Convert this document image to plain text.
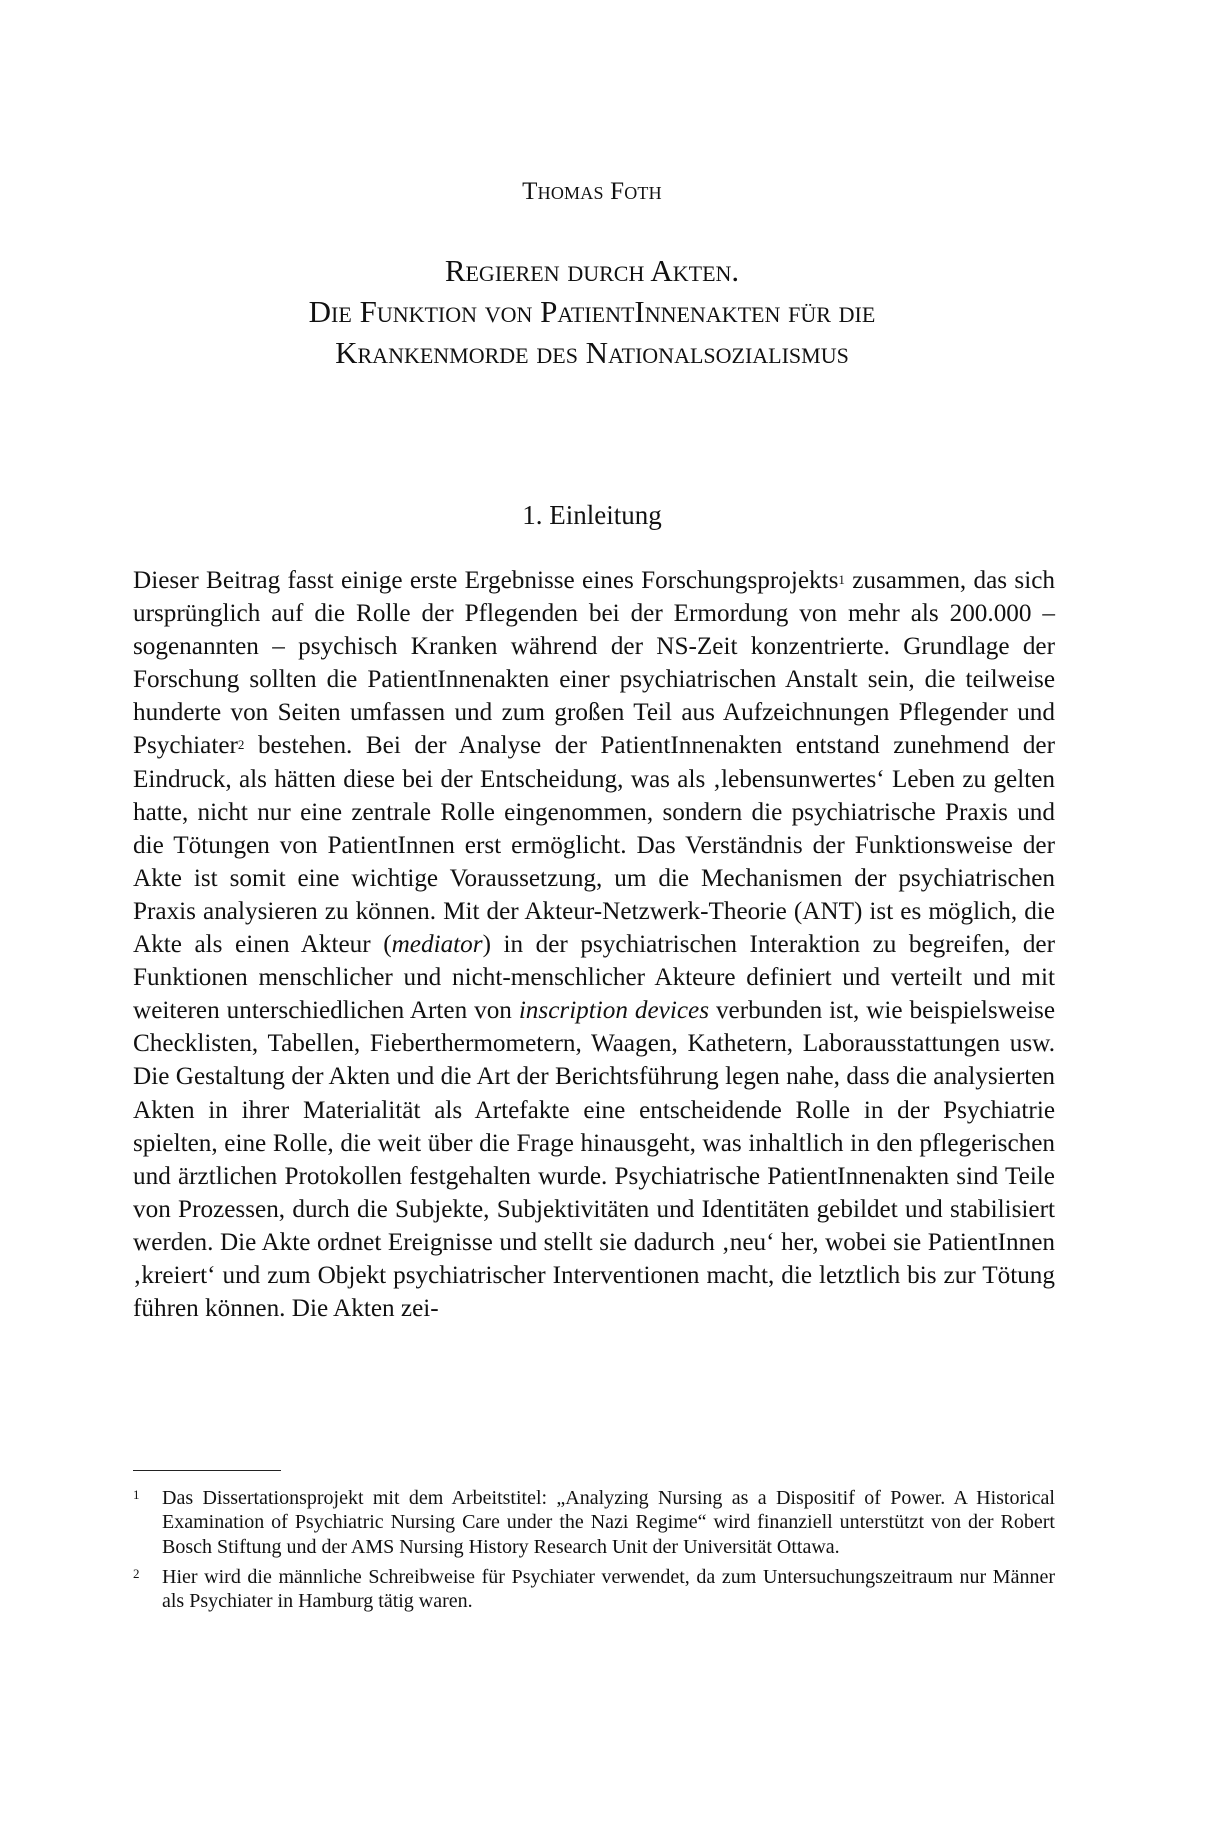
Thomas Foth
Regieren durch Akten.
Die Funktion von PatientInnenakten für die
Krankenmorde des Nationalsozialismus
1. Einleitung

Dieser Beitrag fasst einige erste Ergebnisse eines Forschungsprojekts$^1$ zusammen, das sich ursprünglich auf die Rolle der Pflegenden bei der Ermordung von mehr als 200.000 – sogenannten – psychisch Kranken während der NS-Zeit konzentrierte. Grundlage der Forschung sollten die PatientInnenakten einer psychiatrischen Anstalt sein, die teilweise hunderte von Seiten umfassen und zum großen Teil aus Aufzeichnungen Pflegender und Psychiater$^2$ bestehen. Bei der Analyse der PatientInnenakten entstand zunehmend der Eindruck, als hätten diese bei der Entscheidung, was als ‚lebensunwertes‘ Leben zu gelten hatte, nicht nur eine zentrale Rolle eingenommen, sondern die psychiatrische Praxis und die Tötungen von PatientInnen erst ermöglicht. Das Verständnis der Funktionsweise der Akte ist somit eine wichtige Voraussetzung, um die Mechanismen der psychiatrischen Praxis analysieren zu können. Mit der Akteur-Netzwerk-Theorie (ANT) ist es möglich, die Akte als einen Akteur (mediator) in der psychiatrischen Interaktion zu begreifen, der Funktionen menschlicher und nicht-menschlicher Akteure definiert und verteilt und mit weiteren unterschiedlichen Arten von inscription devices verbunden ist, wie beispielsweise Checklisten, Tabellen, Fieberthermometern, Waagen, Kathetern, Laborausstattungen usw. Die Gestaltung der Akten und die Art der Berichtsführung legen nahe, dass die analysierten Akten in ihrer Materialität als Artefakte eine entscheidende Rolle in der Psychiatrie spielten, eine Rolle, die weit über die Frage hinausgeht, was inhaltlich in den pflegerischen und ärztlichen Protokollen festgehalten wurde. Psychiatrische PatientInnenakten sind Teile von Prozessen, durch die Subjekte, Subjektivitäten und Identitäten gebildet und stabilisiert werden. Die Akte ordnet Ereignisse und stellt sie dadurch ‚neu‘ her, wobei sie PatientInnen ‚kreiert‘ und zum Objekt psychiatrischer Interventionen macht, die letztlich bis zur Tötung führen können. Die Akten zei-

1	Das Dissertationsprojekt mit dem Arbeitstitel: „Analyzing Nursing as a Dispositif of Power. A Historical Examination of Psychiatric Nursing Care under the Nazi Regime“ wird finanziell unterstützt von der Robert Bosch Stiftung und der AMS Nursing History Research Unit der Universität Ottawa.
2	Hier wird die männliche Schreibweise für Psychiater verwendet, da zum Untersuchungszeitraum nur Männer als Psychiater in Hamburg tätig waren.
